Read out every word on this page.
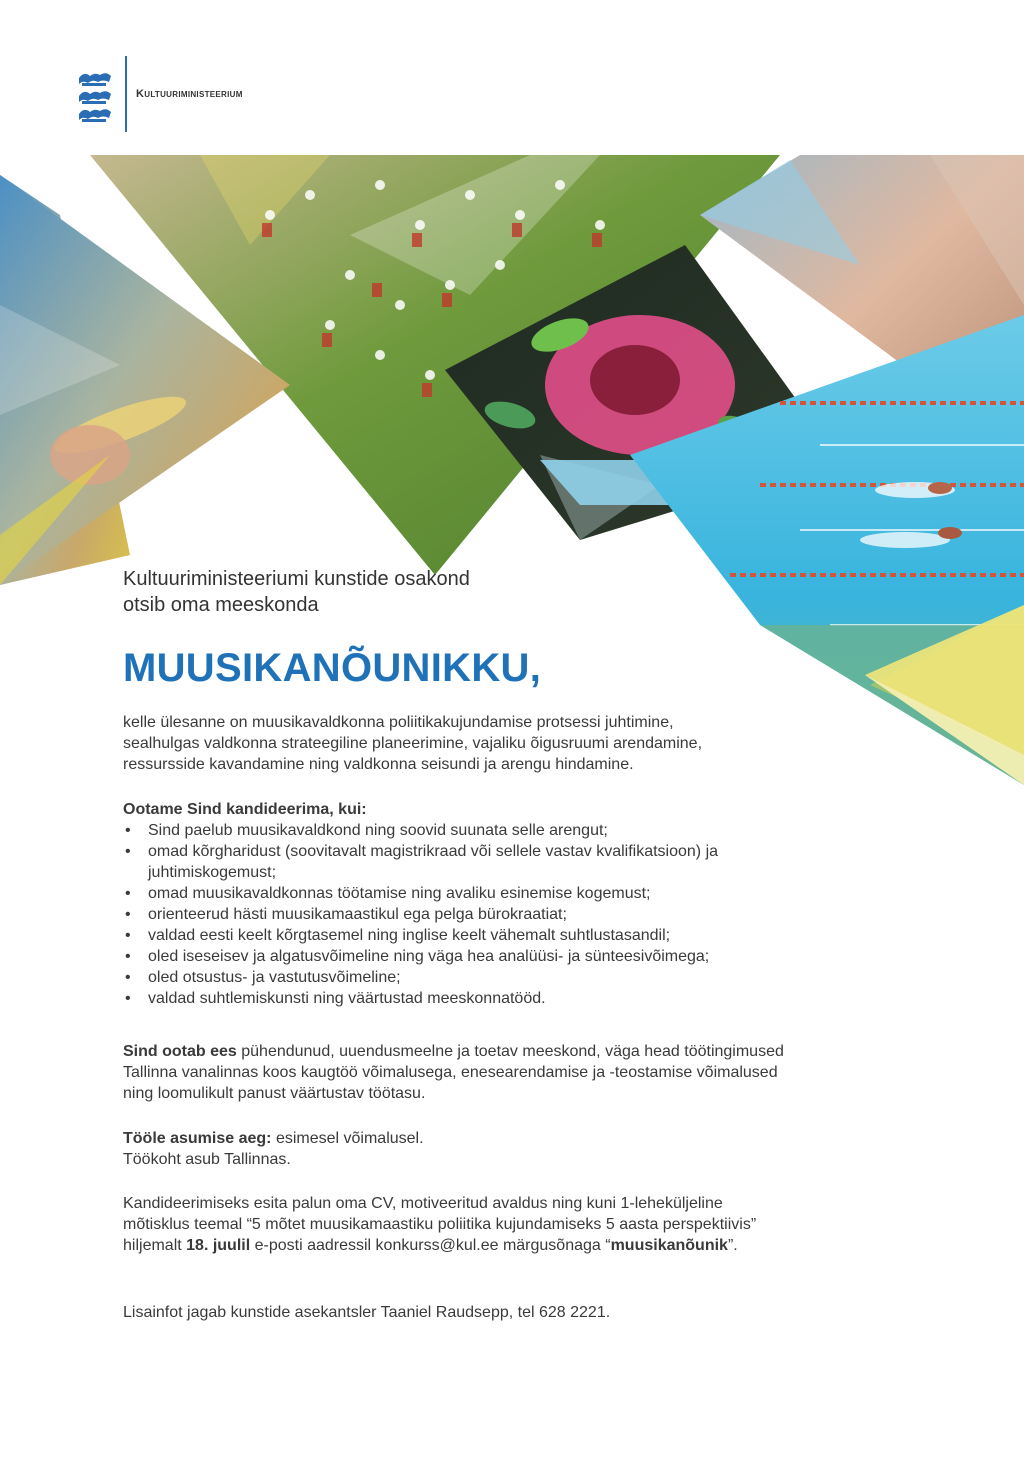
Kultuuriministeerium

Kultuuriministeeriumi kunstide osakond
otsib oma meeskonda

MUUSIKANÕUNIKKU,

kelle ülesanne on muusikavaldkonna poliitikakujundamise protsessi juhtimine,
sealhulgas valdkonna strateegiline planeerimine, vajaliku õigusruumi arendamine,
ressursside kavandamine ning valdkonna seisundi ja arengu hindamine.

Ootame Sind kandideerima, kui:
• Sind paelub muusikavaldkond ning soovid suunata selle arengut;
• omad kõrgharidust (soovitavalt magistrikraad või sellele vastav kvalifikatsioon) ja juhtimiskogemust;
• omad muusikavaldkonnas töötamise ning avaliku esinemise kogemust;
• orienteerud hästi muusikamaastikul ega pelga bürokraatiat;
• valdad eesti keelt kõrgtasemel ning inglise keelt vähemalt suhtlustasandil;
• oled iseseisev ja algatusvõimeline ning väga hea analüüsi- ja sünteesivõimega;
• oled otsustus- ja vastutusvõimeline;
• valdad suhtlemiskunsti ning väärtustad meeskonnatööd.

Sind ootab ees pühendunud, uuendusmeelne ja toetav meeskond, väga head töötingimused
Tallinna vanalinnas koos kaugtöö võimalusega, enesearendamise ja -teostamise võimalused
ning loomulikult panust väärtustav töötasu.

Tööle asumise aeg: esimesel võimalusel.
Töökoht asub Tallinnas.

Kandideerimiseks esita palun oma CV, motiveeritud avaldus ning kuni 1-leheküljeline
mõtisklus teemal “5 mõtet muusikamaastiku poliitika kujundamiseks 5 aasta perspektiivis”
hiljemalt 18. juulil e-posti aadressil konkurss@kul.ee märgusõnaga “muusikanõunik”.

Lisainfot jagab kunstide asekantsler Taaniel Raudsepp, tel 628 2221.
